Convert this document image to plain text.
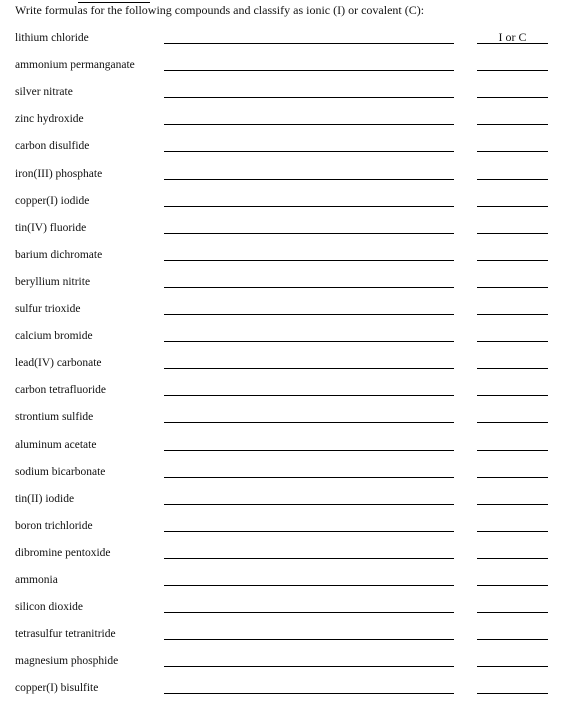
Write formulas for the following compounds and classify as ionic (I) or covalent (C):
I or C
lithium chloride
ammonium permanganate
silver nitrate
zinc hydroxide
carbon disulfide
iron(III) phosphate
copper(I) iodide
tin(IV) fluoride
barium dichromate
beryllium nitrite
sulfur trioxide
calcium bromide
lead(IV) carbonate
carbon tetrafluoride
strontium sulfide
aluminum acetate
sodium bicarbonate
tin(II) iodide
boron trichloride
dibromine pentoxide
ammonia
silicon dioxide
tetrasulfur tetranitride
magnesium phosphide
copper(I) bisulfite
